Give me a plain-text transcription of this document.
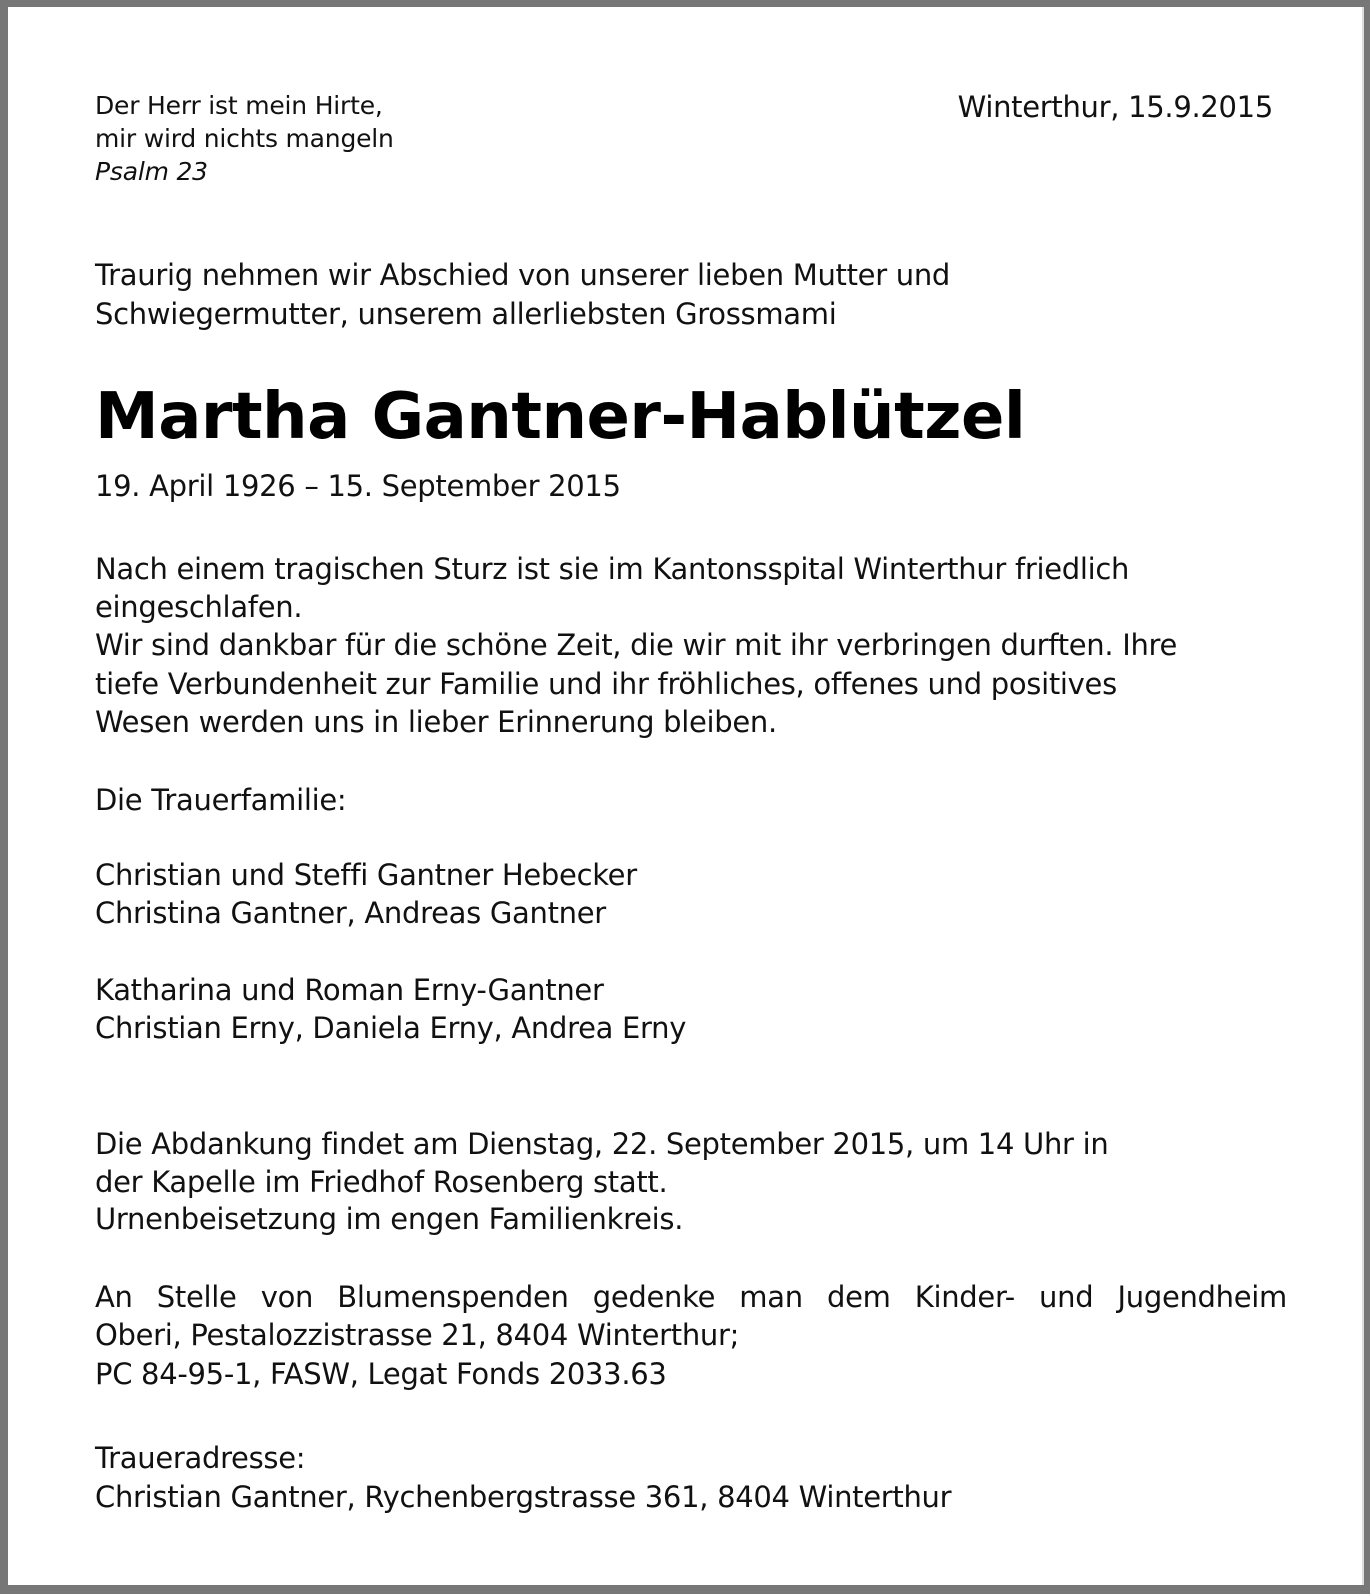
Der Herr ist mein Hirte,
mir wird nichts mangeln
Psalm 23
Winterthur, 15.9.2015
Traurig nehmen wir Abschied von unserer lieben Mutter und
Schwiegermutter, unserem allerliebsten Grossmami
Martha Gantner-Hablützel
19. April 1926 – 15. September 2015
Nach einem tragischen Sturz ist sie im Kantonsspital Winterthur friedlich
eingeschlafen.
Wir sind dankbar für die schöne Zeit, die wir mit ihr verbringen durften. Ihre
tiefe Verbundenheit zur Familie und ihr fröhliches, offenes und positives
Wesen werden uns in lieber Erinnerung bleiben.
Die Trauerfamilie:
Christian und Steffi Gantner Hebecker
Christina Gantner, Andreas Gantner
Katharina und Roman Erny-Gantner
Christian Erny, Daniela Erny, Andrea Erny
Die Abdankung findet am Dienstag, 22. September 2015, um 14 Uhr in
der Kapelle im Friedhof Rosenberg statt.
Urnenbeisetzung im engen Familienkreis.
An Stelle von Blumenspenden gedenke man dem Kinder- und Jugendheim
Oberi, Pestalozzistrasse 21, 8404 Winterthur;
PC 84-95-1, FASW, Legat Fonds 2033.63
Traueradresse:
Christian Gantner, Rychenbergstrasse 361, 8404 Winterthur
